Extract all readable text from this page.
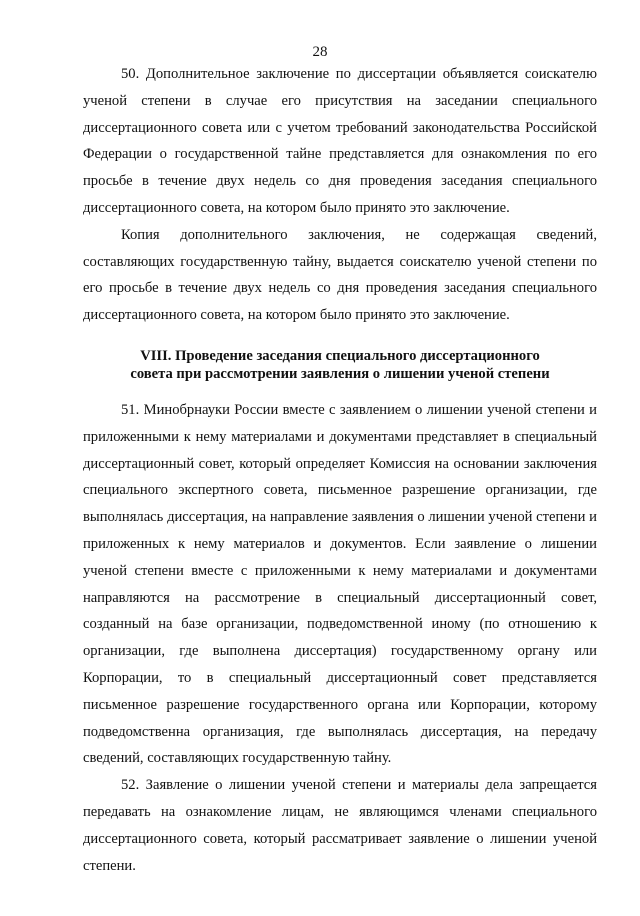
28

50. Дополнительное заключение по диссертации объявляется соискателю ученой степени в случае его присутствия на заседании специального диссертационного совета или с учетом требований законодательства Российской Федерации о государственной тайне представляется для ознакомления по его просьбе в течение двух недель со дня проведения заседания специального диссертационного совета, на котором было принято это заключение.

Копия дополнительного заключения, не содержащая сведений, составляющих государственную тайну, выдается соискателю ученой степени по его просьбе в течение двух недель со дня проведения заседания специального диссертационного совета, на котором было принято это заключение.

VIII. Проведение заседания специального диссертационного
совета при рассмотрении заявления о лишении ученой степени

51. Минобрнауки России вместе с заявлением о лишении ученой степени и приложенными к нему материалами и документами представляет в специальный диссертационный совет, который определяет Комиссия на основании заключения специального экспертного совета, письменное разрешение организации, где выполнялась диссертация, на направление заявления о лишении ученой степени и приложенных к нему материалов и документов. Если заявление о лишении ученой степени вместе с приложенными к нему материалами и документами направляются на рассмотрение в специальный диссертационный совет, созданный на базе организации, подведомственной иному (по отношению к организации, где выполнена диссертация) государственному органу или Корпорации, то в специальный диссертационный совет представляется письменное разрешение государственного органа или Корпорации, которому подведомственна организация, где выполнялась диссертация, на передачу сведений, составляющих государственную тайну.

52. Заявление о лишении ученой степени и материалы дела запрещается передавать на ознакомление лицам, не являющимся членами специального диссертационного совета, который рассматривает заявление о лишении ученой степени.
